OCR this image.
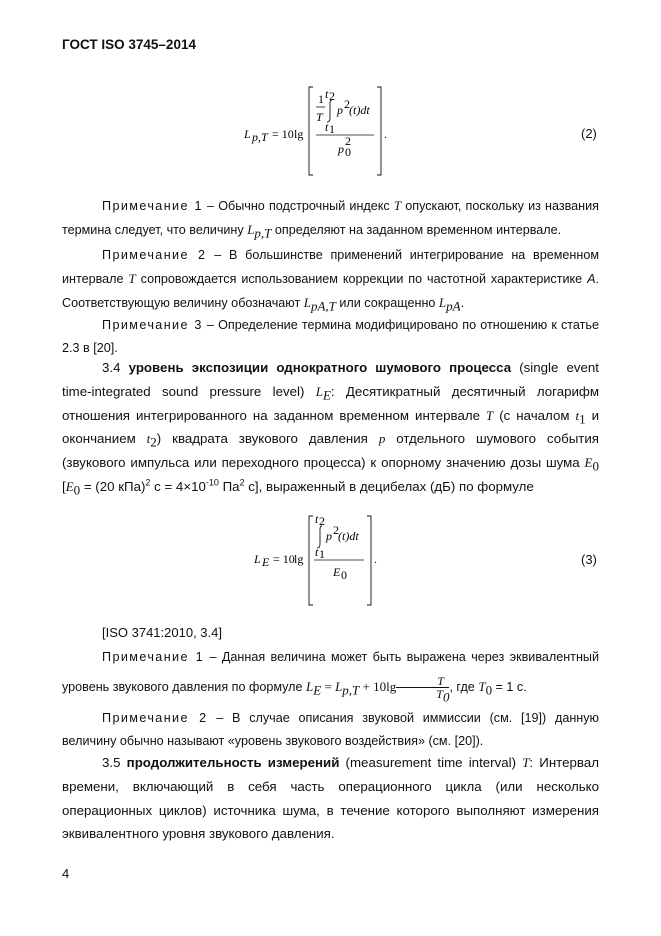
ГОСТ ISO 3745–2014
L p,T = 10 lg
1
T
t 2
t 1
p 2 (t)dt
p
2
0
.
L E = 10 lg
t 2
t 1
p 2 (t)dt
E 0
.
(2)
(3)

Примечание 1 – Обычно подстрочный индекс T опускают, поскольку из названия термина следует, что величину $L_{p,T}$ определяют на заданном временном интервале.

Примечание 2 – В большинстве применений интегрирование на временном интервале T сопровождается использованием коррекции по частотной характеристике A. Соответствующую величину обозначают $L_{pA,T}$ или сокращенно $L_{pA}$.

Примечание 3 – Определение термина модифицировано по отношению к статье 2.3 в [20].

3.4 уровень экспозиции однократного шумового процесса (single event time-integrated sound pressure level) $L_E$: Десятикратный десятичный логарифм отношения интегрированного на заданном временном интервале T (с началом $t_1$ и окончанием $t_2$) квадрата звукового давления p отдельного шумового события (звукового импульса или переходного процесса) к опорному значению дозы шума $E_0$ [$E_0 = (20$ кПа)$^2$ $с = 4\times 10^{-10}$ $Па^2$ с], выраженный в децибелах (дБ) по формуле

[ISO 3741:2010, 3.4]

Примечание 1 – Данная величина может быть выражена через эквивалентный уровень звукового давления по формуле $L_E = L_{p,T} + 10\lg \frac{T}{T_0}$ , где $T_0 = 1$ с.

Примечание 2 – В случае описания звуковой иммиссии (см. [19]) данную величину обычно называют «уровень звукового воздействия» (см. [20]).

3.5 продолжительность измерений (measurement time interval) T: Интервал времени, включающий в себя часть операционного цикла (или несколько операционных циклов) источника шума, в течение которого выполняют измерения эквивалентного уровня звукового давления.

4
